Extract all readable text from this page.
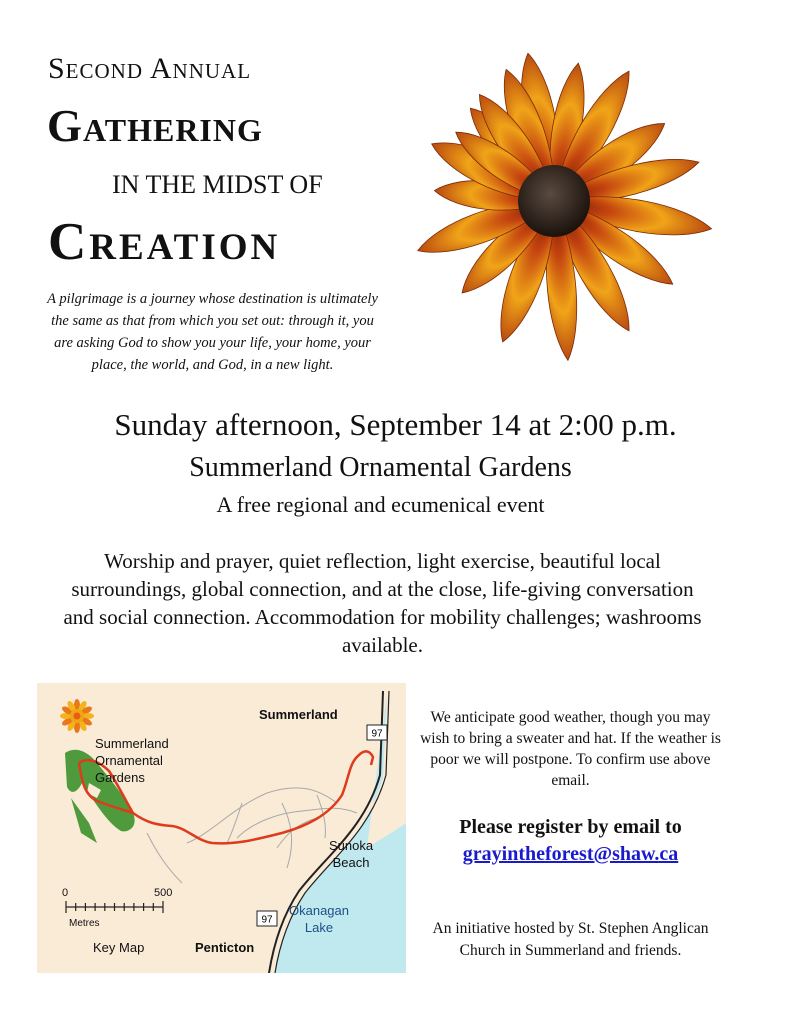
Second Annual
Gathering
IN THE MIDST OF
Creation
A pilgrimage is a journey whose destination is ultimately the same as that from which you set out: through it, you are asking God to show you your life, your home, your place, the world, and God, in a new light.
Sunday afternoon, September 14 at 2:00 p.m.
Summerland Ornamental Gardens
A free regional and ecumenical event
Worship and prayer, quiet reflection, light exercise, beautiful local surroundings, global connection, and at the close, life-giving conversation and social connection. Accommodation for mobility challenges; washrooms available.
97
97
Summerland
Summerland
Ornamental
Gardens
Sunoka
Beach
Okanagan
Lake
0	500
Metres
Key Map	Penticton
We anticipate good weather, though you may wish to bring a sweater and hat. If the weather is poor we will postpone. To confirm use above email.
Please register by email to
grayintheforest@shaw.ca
An initiative hosted by St. Stephen Anglican Church in Summerland and friends.
